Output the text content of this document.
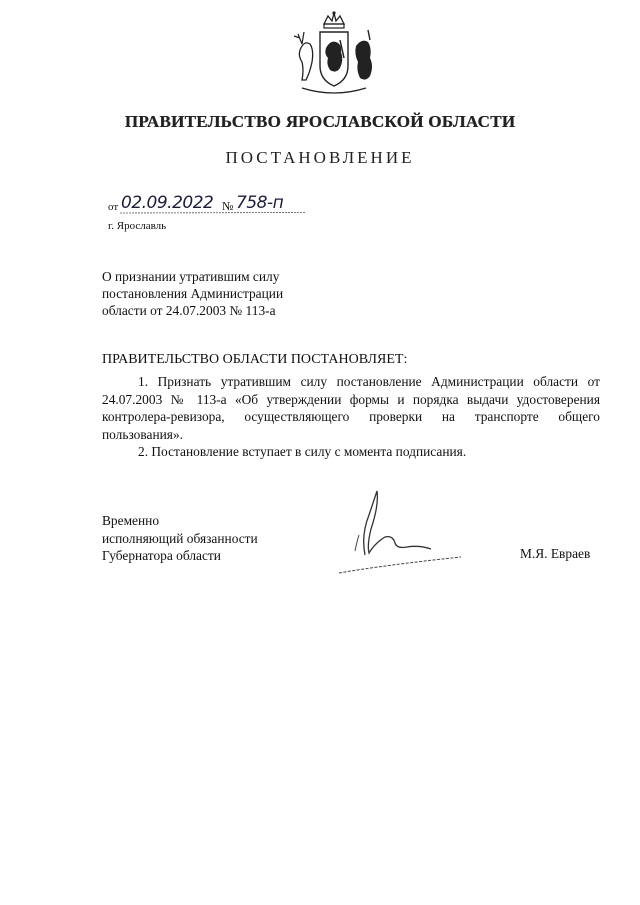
ПРАВИТЕЛЬСТВО ЯРОСЛАВСКОЙ ОБЛАСТИ
ПОСТАНОВЛЕНИЕ
от 02.09.2022 № 758-п
г. Ярославль
О признании утратившим силу
постановления Администрации
области от 24.07.2003 № 113-а
ПРАВИТЕЛЬСТВО ОБЛАСТИ ПОСТАНОВЛЯЕТ:

1. Признать утратившим силу постановление Администрации области от 24.07.2003 № 113-а «Об утверждении формы и порядка выдачи удостоверения контролера-ревизора, осуществляющего проверки на транспорте общего пользования».

2. Постановление вступает в силу с момента подписания.

Временно
исполняющий обязанности
Губернатора области	М.Я. Евраев
